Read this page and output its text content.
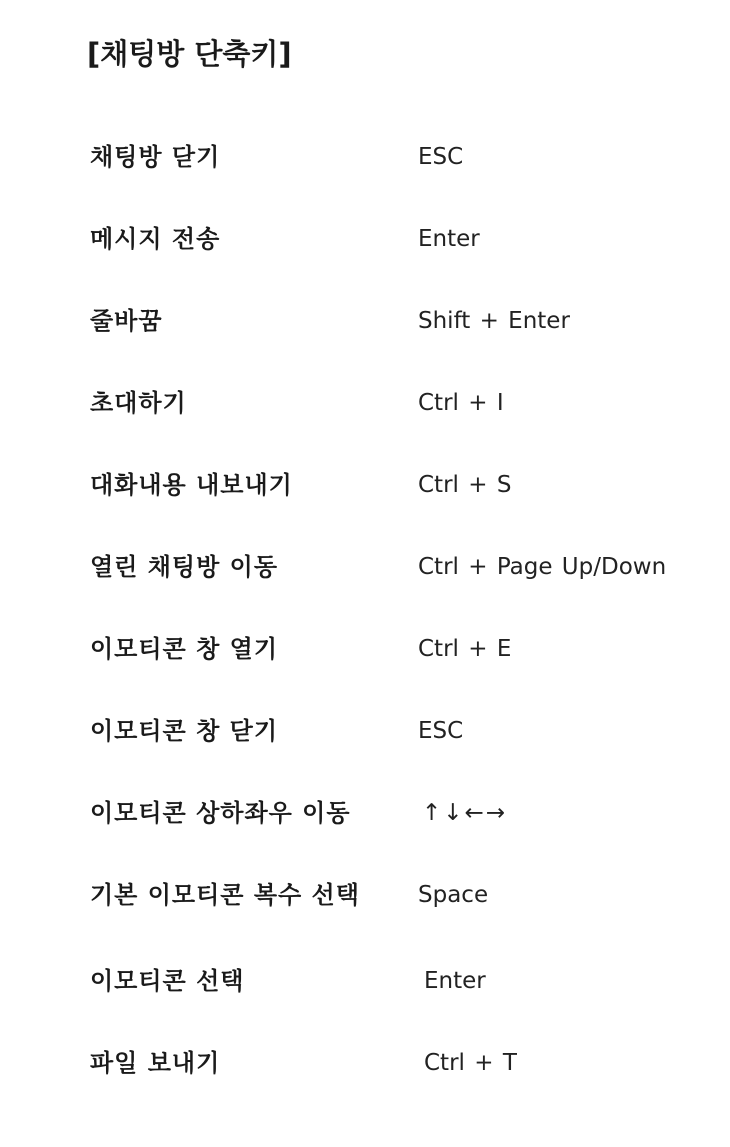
[채팅방 단축키]
채팅방 닫기	ESC
메시지 전송	Enter
줄바꿈	Shift + Enter
초대하기	Ctrl + I
대화내용 내보내기	Ctrl + S
열린 채팅방 이동	Ctrl + Page Up/Down
이모티콘 창 열기	Ctrl + E
이모티콘 창 닫기	ESC
이모티콘 상하좌우 이동	↑↓←→
기본 이모티콘 복수 선택	Space
이모티콘 선택	Enter
파일 보내기	Ctrl + T
